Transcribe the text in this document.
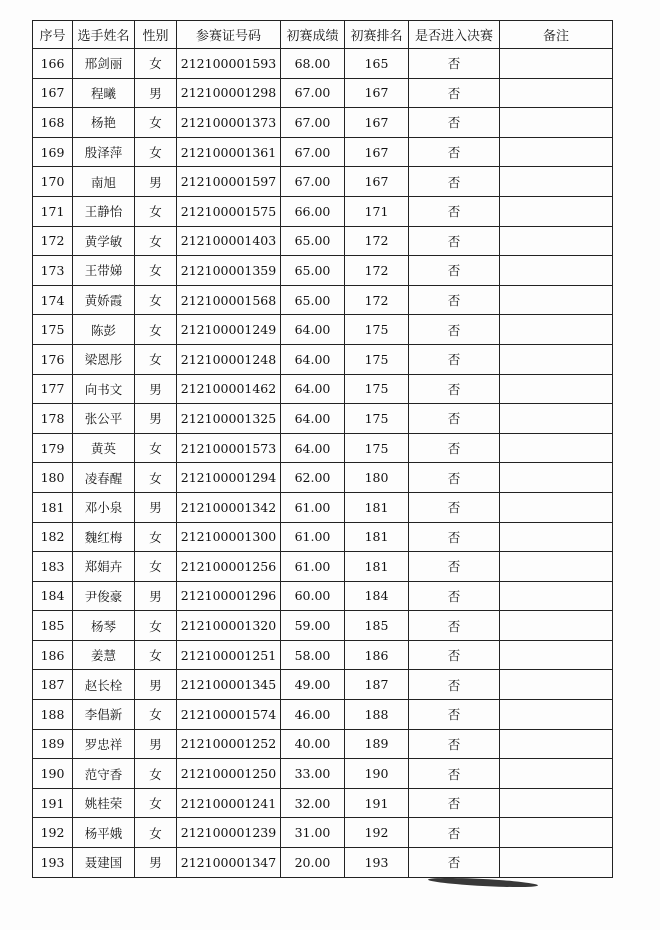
序号	选手姓名	性别	参赛证号码	初赛成绩	初赛排名	是否进入决赛	备注
166	邢剑丽	女	212100001593	68.00	165	否	
167	程曦	男	212100001298	67.00	167	否	
168	杨艳	女	212100001373	67.00	167	否	
169	殷泽萍	女	212100001361	67.00	167	否	
170	南旭	男	212100001597	67.00	167	否	
171	王静怡	女	212100001575	66.00	171	否	
172	黄学敏	女	212100001403	65.00	172	否	
173	王带娣	女	212100001359	65.00	172	否	
174	黄娇霞	女	212100001568	65.00	172	否	
175	陈彭	女	212100001249	64.00	175	否	
176	梁恩彤	女	212100001248	64.00	175	否	
177	向书文	男	212100001462	64.00	175	否	
178	张公平	男	212100001325	64.00	175	否	
179	黄英	女	212100001573	64.00	175	否	
180	凌春醒	女	212100001294	62.00	180	否	
181	邓小泉	男	212100001342	61.00	181	否	
182	魏红梅	女	212100001300	61.00	181	否	
183	郑娟卉	女	212100001256	61.00	181	否	
184	尹俊豪	男	212100001296	60.00	184	否	
185	杨琴	女	212100001320	59.00	185	否	
186	姜慧	女	212100001251	58.00	186	否	
187	赵长栓	男	212100001345	49.00	187	否	
188	李倡新	女	212100001574	46.00	188	否	
189	罗忠祥	男	212100001252	40.00	189	否	
190	范守香	女	212100001250	33.00	190	否	
191	姚桂荣	女	212100001241	32.00	191	否	
192	杨平娥	女	212100001239	31.00	192	否	
193	聂建国	男	212100001347	20.00	193	否	
